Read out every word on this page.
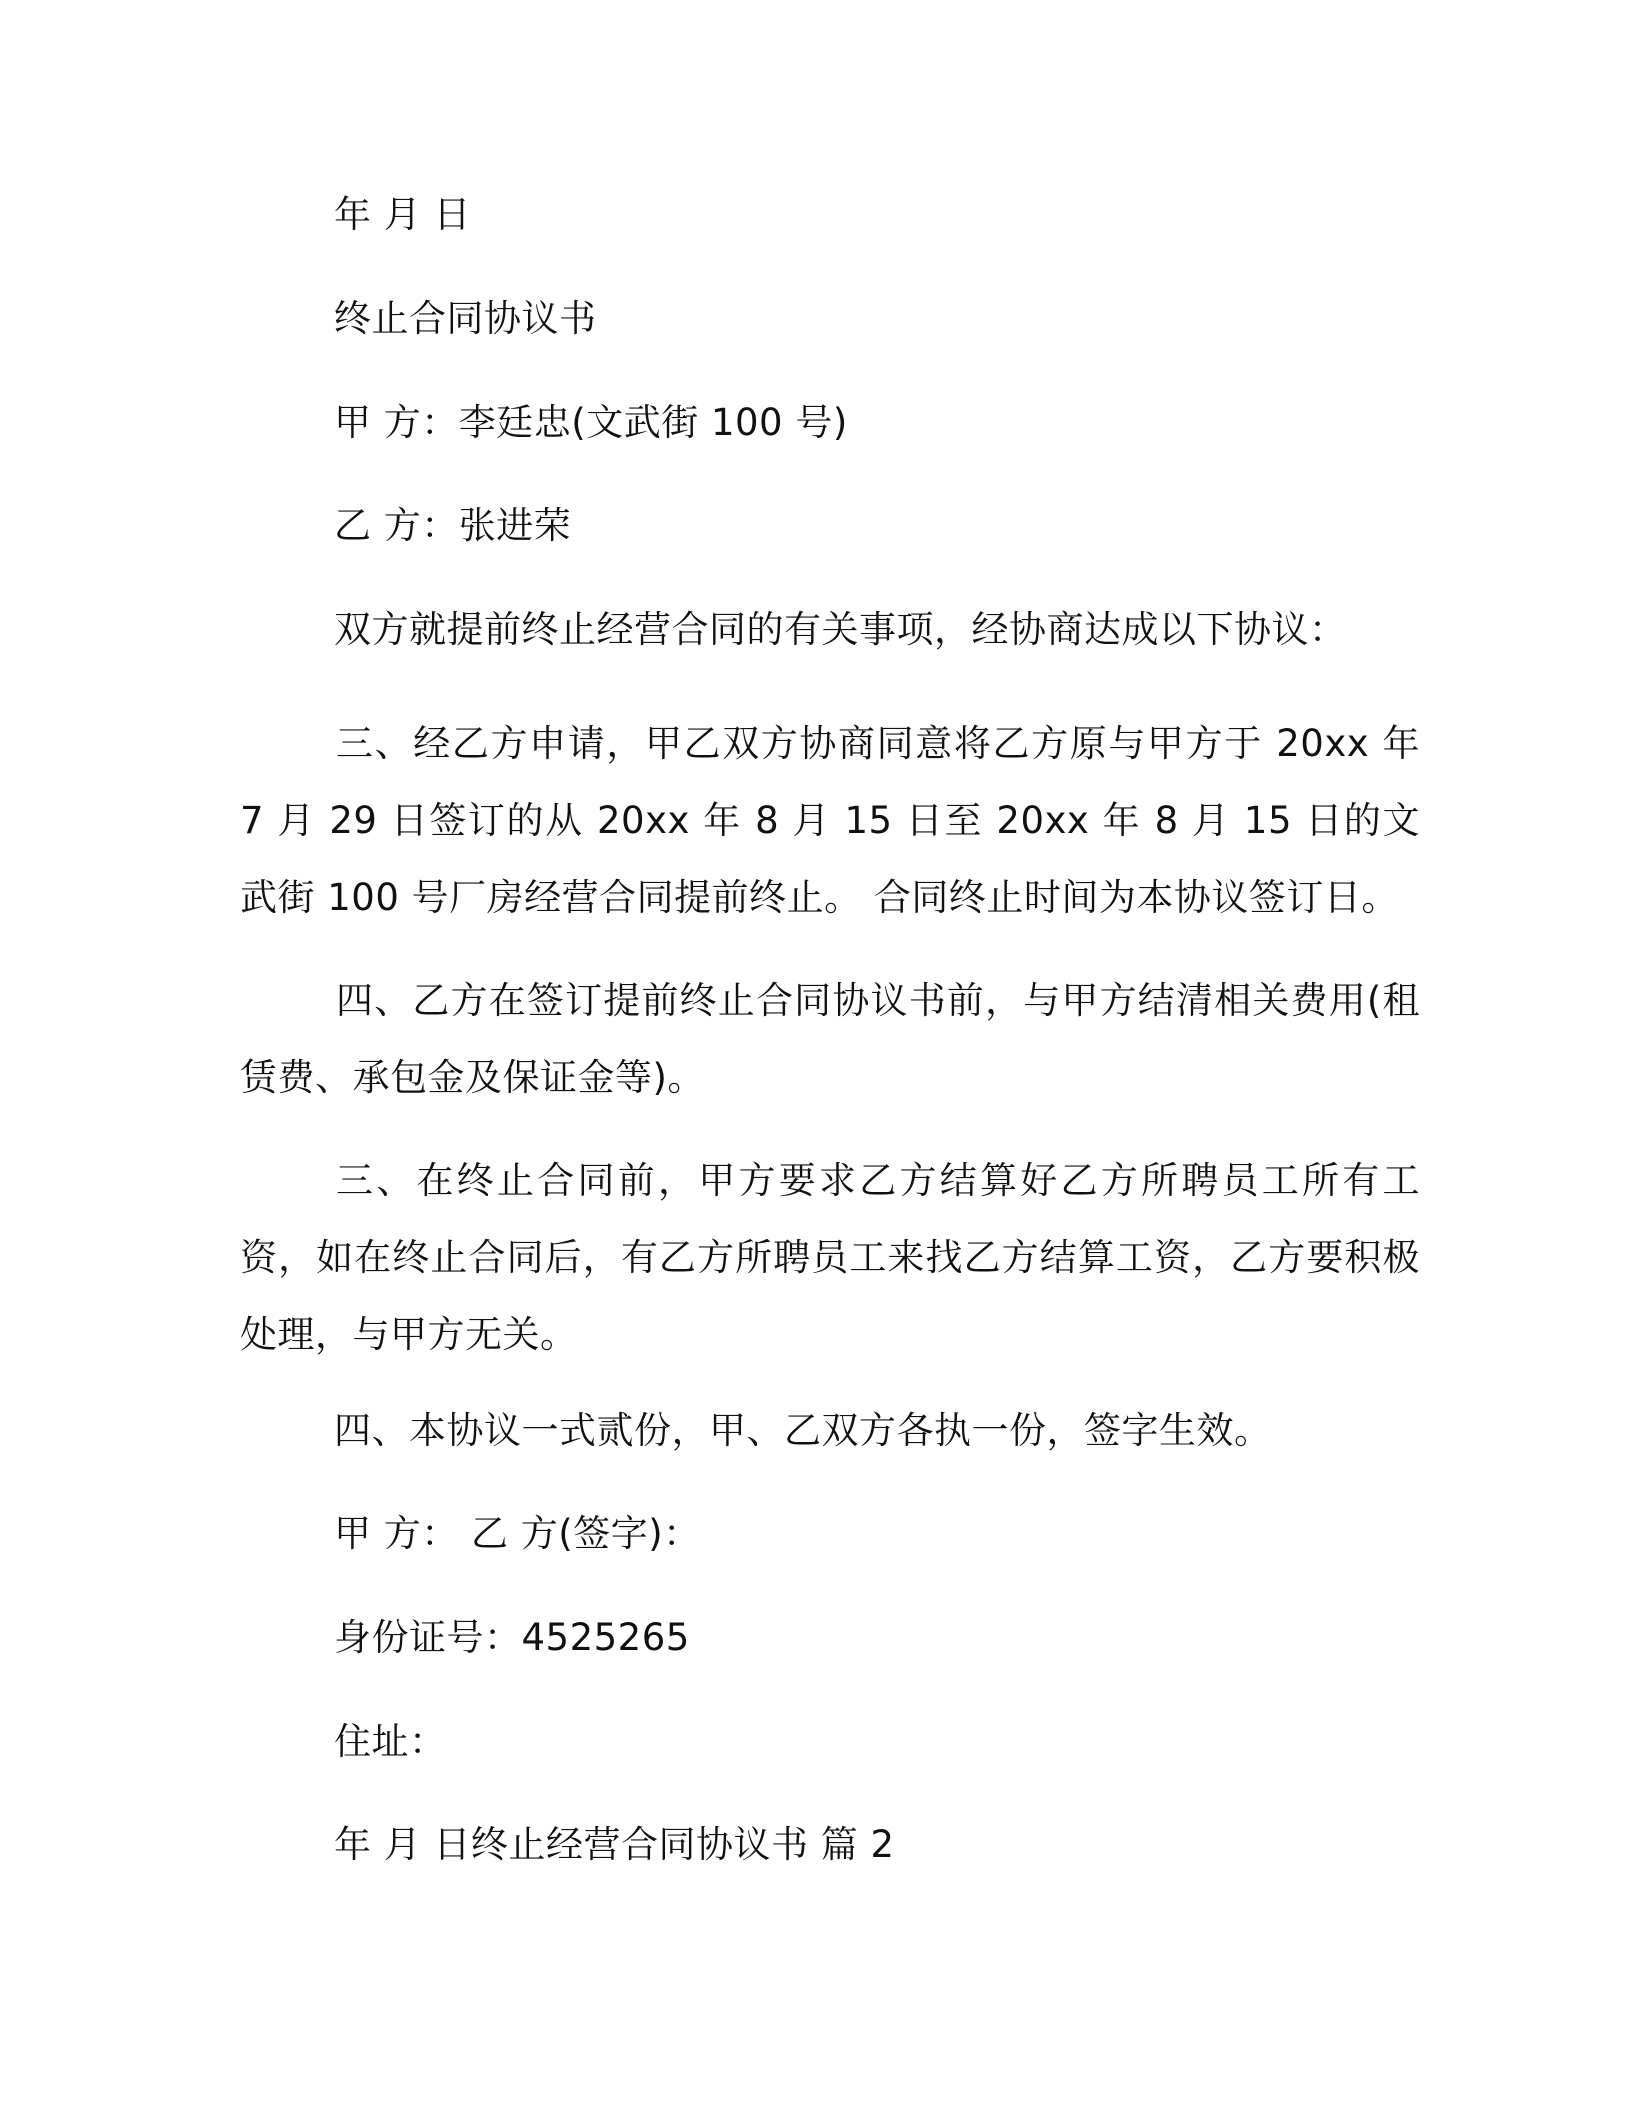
年 月 日
终止合同协议书
甲 方：李廷忠(文武街 100 号)
乙 方：张进荣
双方就提前终止经营合同的有关事项，经协商达成以下协议：
三、经乙方申请，甲乙双方协商同意将乙方原与甲方于 20xx 年 7 月 29 日签订的从 20xx 年 8 月 15 日至 20xx 年 8 月 15 日的文武街 100 号厂房经营合同提前终止。 合同终止时间为本协议签订日。
四、乙方在签订提前终止合同协议书前，与甲方结清相关费用(租赁费、承包金及保证金等)。
三、在终止合同前，甲方要求乙方结算好乙方所聘员工所有工资，如在终止合同后，有乙方所聘员工来找乙方结算工资，乙方要积极处理，与甲方无关。
四、本协议一式贰份，甲、乙双方各执一份，签字生效。
甲 方： 乙 方(签字)：
身份证号：4525265
住址：
年 月 日终止经营合同协议书 篇 2
